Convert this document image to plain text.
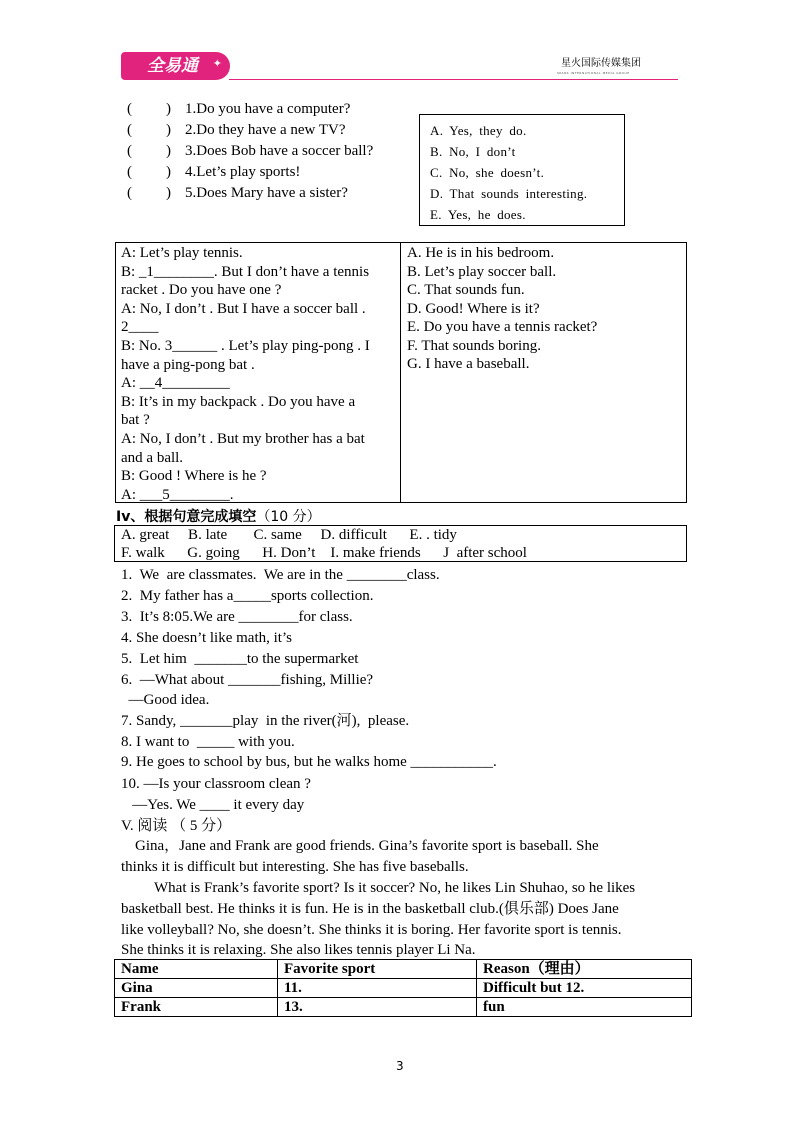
全易通 ✦	星火国际传媒集团
SPARK INTERNATIONAL MEDIA GROUP
( ) 1.Do you have a computer?
( ) 2.Do they have a new TV?
( ) 3.Does Bob have a soccer ball?
( ) 4.Let’s play sports!
( ) 5.Does Mary have a sister?
A. Yes, they do.
B. No, I don’t
C. No, she doesn’t.
D. That sounds interesting.
E. Yes, he does.
A: Let’s play tennis.
B: _1________. But I don’t have a tennis
racket . Do you have one ?
A: No, I don’t . But I have a soccer ball .
2____
B: No. 3______ . Let’s play ping-pong . I
have a ping-pong bat .
A: __4_________
B: It’s in my backpack . Do you have a
bat ?
A: No, I don’t . But my brother has a bat
and a ball.
B: Good ! Where is he ?
A: ___5________.
A. He is in his bedroom.
B. Let’s play soccer ball.
C. That sounds fun.
D. Good! Where is it?
E. Do you have a tennis racket?
F. That sounds boring.
G. I have a baseball.
Iv、根据句意完成填空（10 分）
A. great     B. late       C. same     D. difficult      E. . tidy
F. walk      G. going      H. Don’t    I. make friends      J  after school
1.  We  are classmates.  We are in the ________class.
2.  My father has a_____sports collection.
3.  It’s 8:05.We are ________for class.
4. She doesn’t like math, it’s
5.  Let him  _______to the supermarket
6.  —What about _______fishing, Millie?
—Good idea.
7. Sandy, _______play  in the river(河),  please.
8. I want to  _____ with you.
9. He goes to school by bus, but he walks home ___________.
10. —Is your classroom clean ?
—Yes. We ____ it every day
V. 阅读 （ 5 分）
Gina，Jane and Frank are good friends. Gina’s favorite sport is baseball. She
thinks it is difficult but interesting. She has five baseballs.
What is Frank’s favorite sport? Is it soccer? No, he likes Lin Shuhao, so he likes
basketball best. He thinks it is fun. He is in the basketball club.(俱乐部) Does Jane
like volleyball? No, she doesn’t. She thinks it is boring. Her favorite sport is tennis.
She thinks it is relaxing. She also likes tennis player Li Na.
Name	Favorite sport	Reason（理由）
Gina	11.	Difficult but 12.
Frank	13.	fun
3
